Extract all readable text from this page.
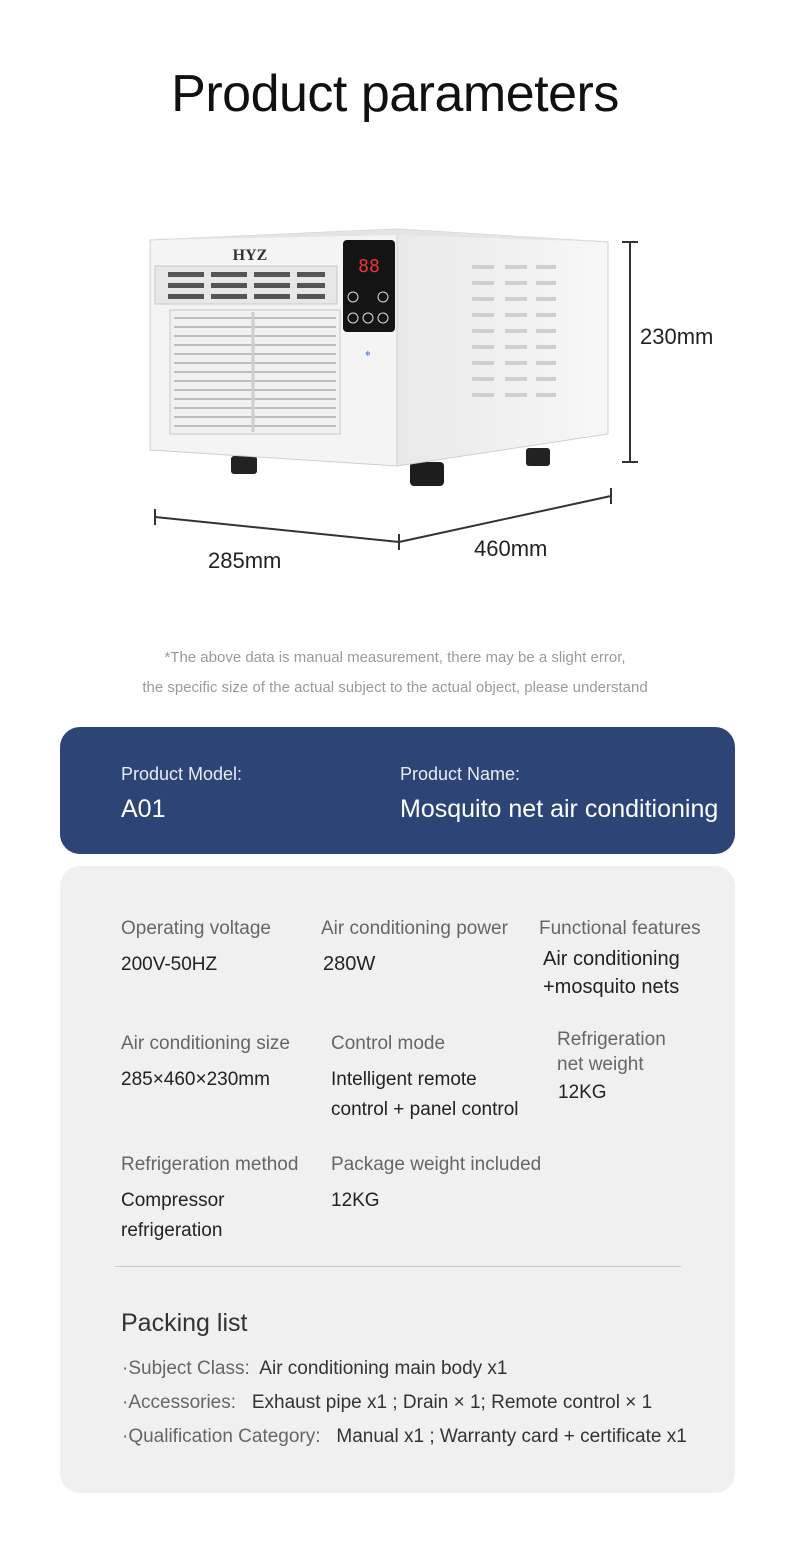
Product parameters
HYZ
88
❄
230mm
285mm	460mm
*The above data is manual measurement, there may be a slight error,
the specific size of the actual subject to the actual object, please understand
Product Model:
A01
Product Name:
Mosquito net air conditioning
Operating voltage
200V-50HZ
Air conditioning power
280W
Functional features
Air conditioning
+mosquito nets
Air conditioning size
285×460×230mm
Control mode
Intelligent remote
control + panel control
Refrigeration
net weight
12KG
Refrigeration method
Compressor
refrigeration
Package weight included
12KG
Packing list
·Subject Class: Air conditioning main body x1
·Accessories: Exhaust pipe x1 ; Drain × 1; Remote control × 1
·Qualification Category: Manual x1 ; Warranty card + certificate x1
